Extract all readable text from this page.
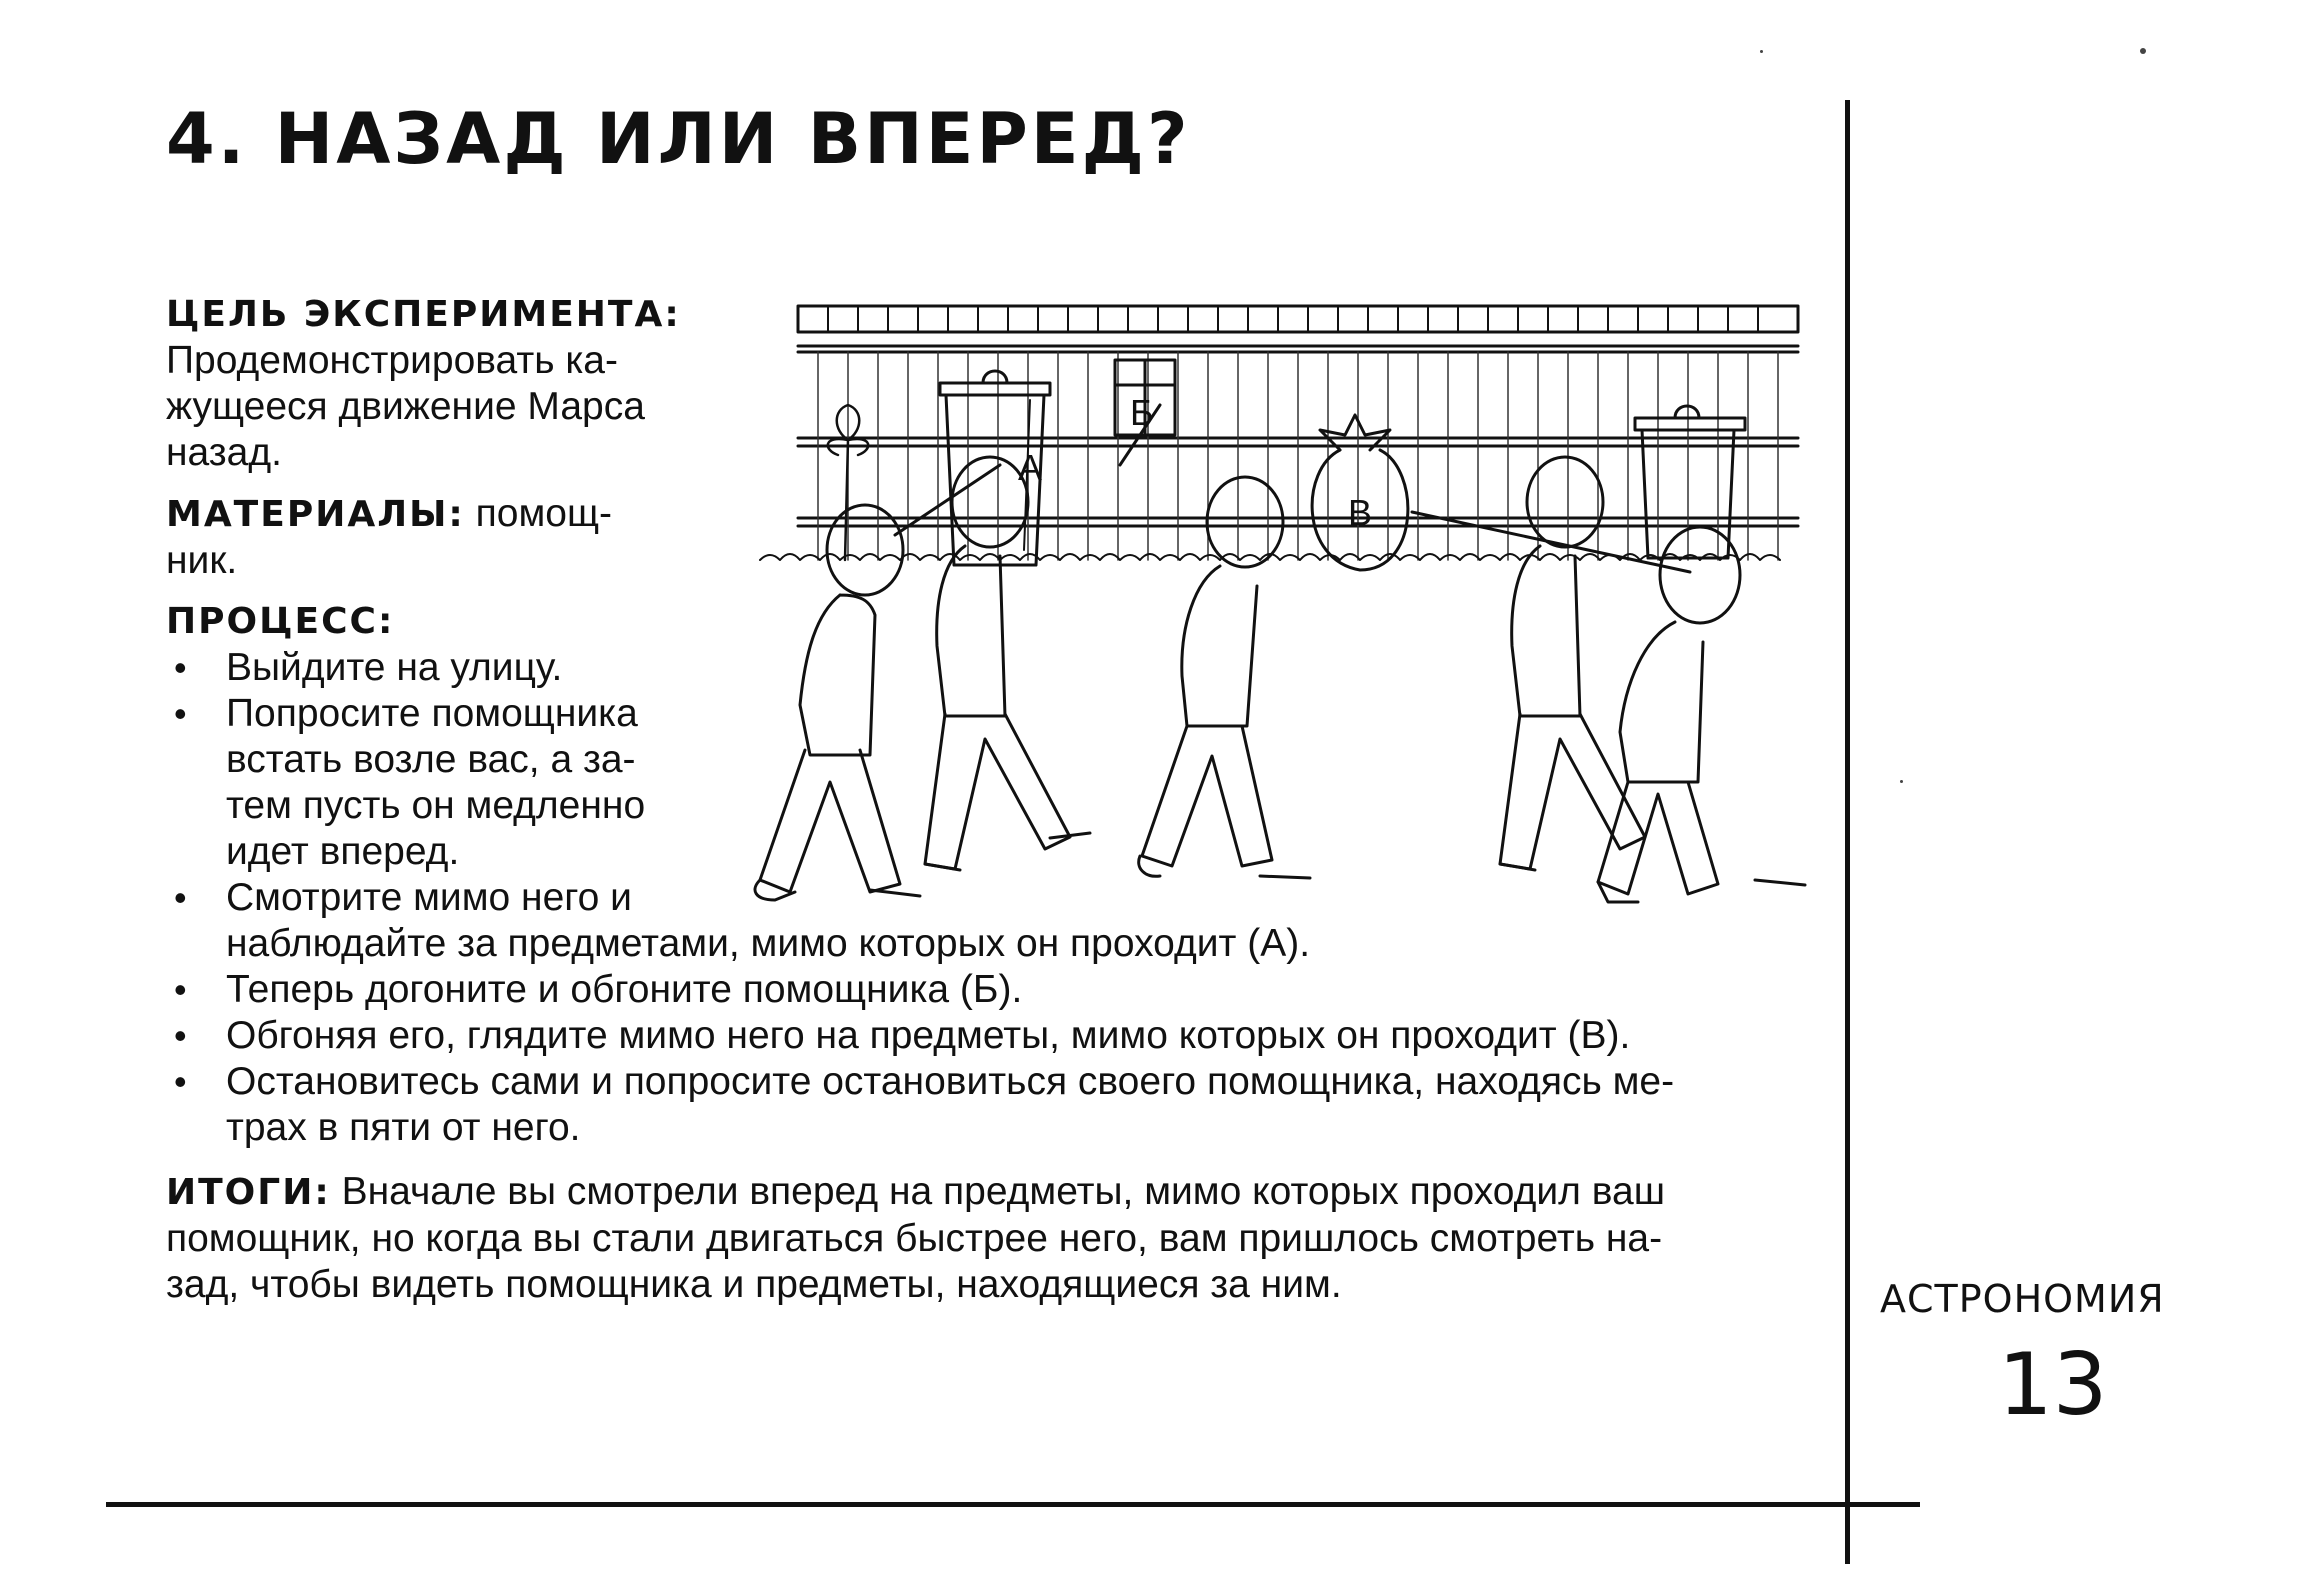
4. НАЗАД ИЛИ ВПЕРЕД?
А
Б
В
ЦЕЛЬ ЭКСПЕРИМЕНТА:
Продемонстрировать ка-
жущееся движение Марса
назад.
МАТЕРИАЛЫ: помощ-
ник.
ПРОЦЕСС:
• Выйдите на улицу.
• Попросите помощника
встать возле вас, а за-
тем пусть он медленно
идет вперед.
• Смотрите мимо него и
наблюдайте за предметами, мимо которых он проходит (А).
• Теперь догоните и обгоните помощника (Б).
• Обгоняя его, глядите мимо него на предметы, мимо которых он проходит (В).
• Остановитесь сами и попросите остановиться своего помощника, находясь ме-
трах в пяти от него.
ИТОГИ: Вначале вы смотрели вперед на предметы, мимо которых проходил ваш
помощник, но когда вы стали двигаться быстрее него, вам пришлось смотреть на-
зад, чтобы видеть помощника и предметы, находящиеся за ним.	АСТРОНОМИЯ
13
